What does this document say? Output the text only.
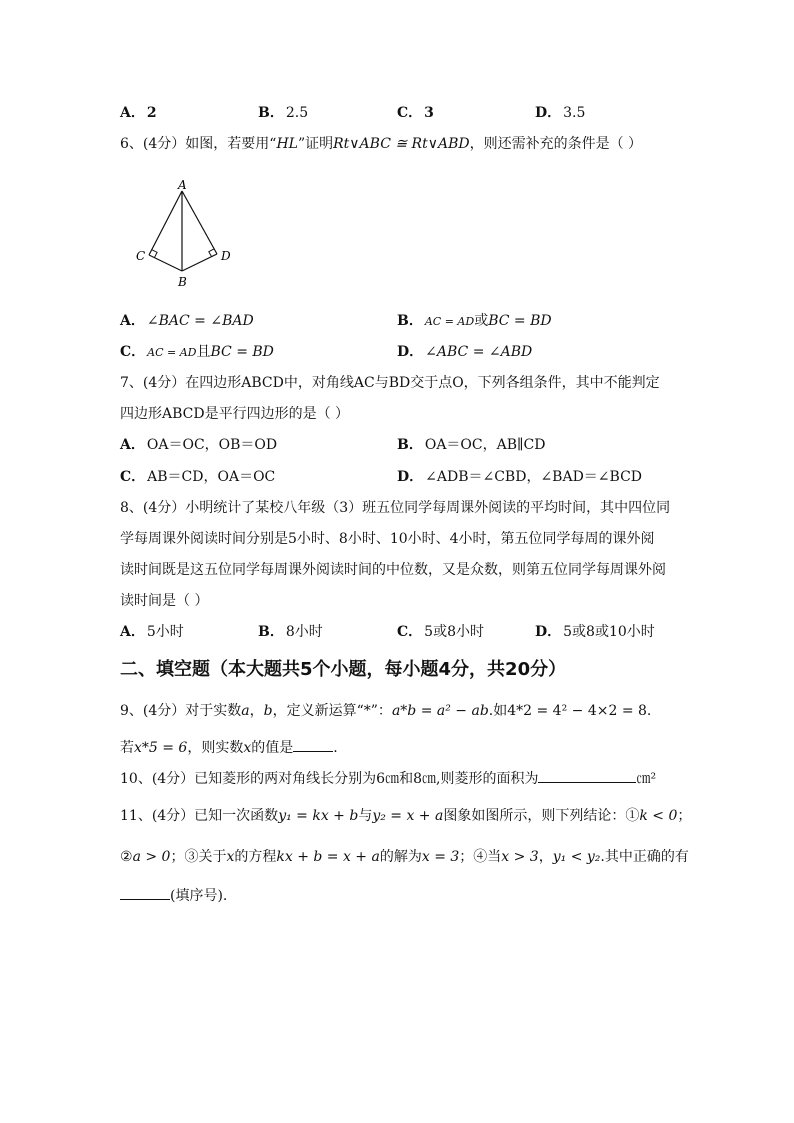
A． 2	B． 2.5	C． 3	D． 3.5
6、(4分）如图，若要用“HL”证明Rt∨ABC ≅ Rt∨ABD，则还需补充的条件是（ ）
A
C	D
B
A． ∠BAC = ∠BAD	B． AC = AD或BC = BD
C． AC = AD且BC = BD	D． ∠ABC = ∠ABD
7、(4分）在四边形ABCD中，对角线AC与BD交于点O，下列各组条件，其中不能判定
四边形ABCD是平行四边形的是（ ）
A． OA＝OC，OB＝OD	B． OA＝OC，AB∥CD
C． AB＝CD，OA＝OC	D． ∠ADB＝∠CBD，∠BAD＝∠BCD
8、(4分）小明统计了某校八年级（3）班五位同学每周课外阅读的平均时间，其中四位同
学每周课外阅读时间分别是5小时、8小时、10小时、4小时，第五位同学每周的课外阅
读时间既是这五位同学每周课外阅读时间的中位数，又是众数，则第五位同学每周课外阅
读时间是（ ）
A． 5小时	B． 8小时	C． 5或8小时	D． 5或8或10小时
二、填空题（本大题共5个小题，每小题4分，共20分）
9、(4分）对于实数a，b，定义新运算“*”：a*b = a² − ab.如4*2 = 4² − 4×2 = 8.
若x*5 = 6，则实数x的值是	.
10、(4分）已知菱形的两对角线长分别为6㎝和8㎝,则菱形的面积为	㎝²
11、(4分）已知一次函数y₁ = kx + b与y₂ = x + a图象如图所示，则下列结论：①k < 0；
②a > 0；③关于x的方程kx + b = x + a的解为x = 3；④当x > 3，y₁ < y₂.其中正确的有
(填序号).
